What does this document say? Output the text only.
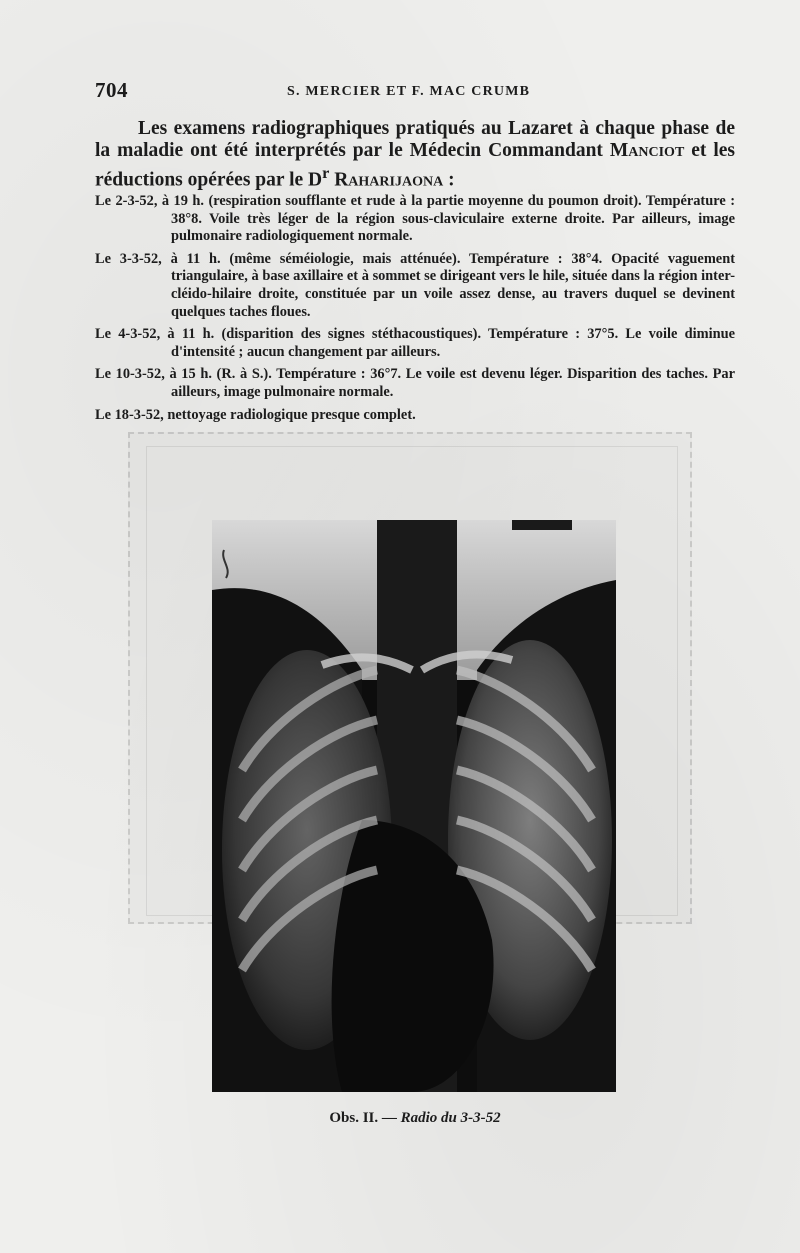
704	S. MERCIER ET F. MAC CRUMB

Les examens radiographiques pratiqués au Lazaret à chaque phase de la maladie ont été interprétés par le Médecin Commandant Manciot et les réductions opérées par le $D^r$ Raharijaona :

Le 2-3-52, à 19 h. (respiration soufflante et rude à la partie moyenne du poumon droit). Température : 38°8. Voile très léger de la région sous-claviculaire externe droite. Par ailleurs, image pulmonaire radiologiquement normale.

Le 3-3-52, à 11 h. (même séméiologie, mais atténuée). Température : 38°4. Opacité vaguement triangulaire, à base axillaire et à sommet se dirigeant vers le hile, située dans la région inter-cléido-hilaire droite, constituée par un voile assez dense, au travers duquel se devinent quelques taches floues.

Le 4-3-52, à 11 h. (disparition des signes stéthacoustiques). Température : 37°5. Le voile diminue d'intensité ; aucun changement par ailleurs.

Le 10-3-52, à 15 h. (R. à S.). Température : 36°7. Le voile est devenu léger. Disparition des taches. Par ailleurs, image pulmonaire normale.

Le 18-3-52, nettoyage radiologique presque complet.

Obs. II. — Radio du 3-3-52
